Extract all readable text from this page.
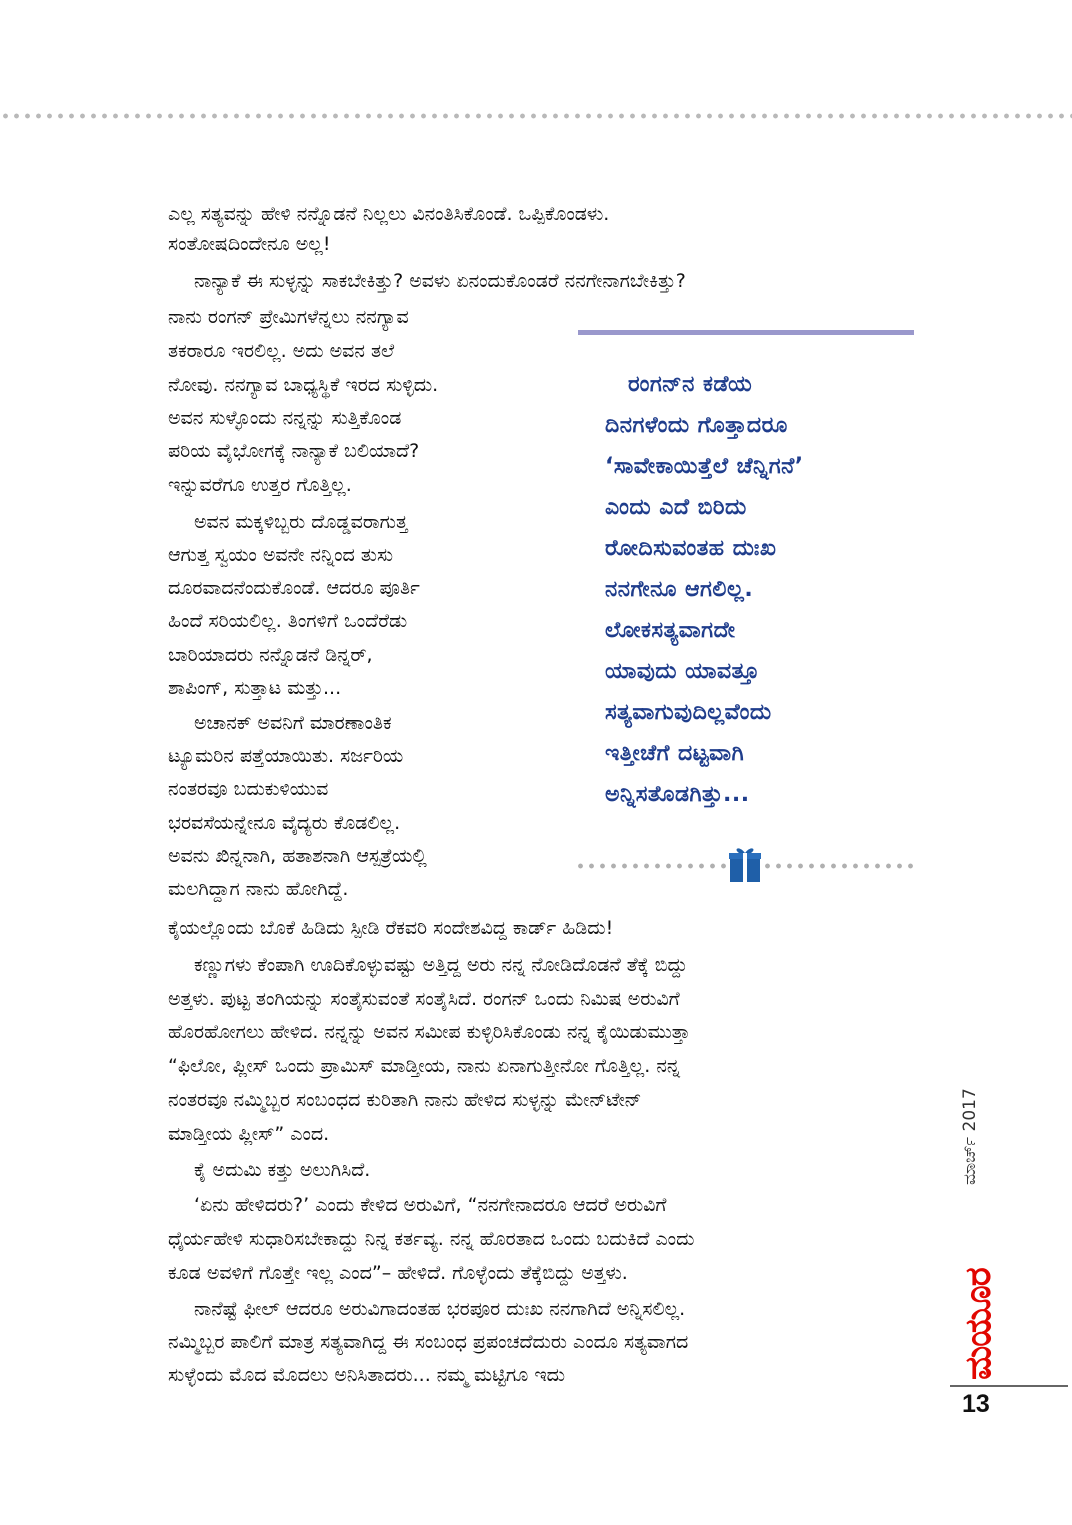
ಎಲ್ಲ ಸತ್ಯವನ್ನು ಹೇಳಿ ನನ್ನೊಡನೆ ನಿಲ್ಲಲು ವಿನಂತಿಸಿಕೊಂಡೆ. ಒಪ್ಪಿಕೊಂಡಳು.
ಸಂತೋಷದಿಂದೇನೂ ಅಲ್ಲ!
ನಾನ್ಯಾಕೆ ಈ ಸುಳ್ಳನ್ನು ಸಾಕಬೇಕಿತ್ತು? ಅವಳು ಏನಂದುಕೊಂಡರೆ ನನಗೇನಾಗಬೇಕಿತ್ತು?
ನಾನು ರಂಗನ್ ಪ್ರೇಮಿಗಳೆನ್ನಲು ನನಗ್ಯಾವ
ತಕರಾರೂ ಇರಲಿಲ್ಲ. ಅದು ಅವನ ತಲೆ
ನೋವು. ನನಗ್ಯಾವ ಬಾಧ್ಯಸ್ಥಿಕೆ ಇರದ ಸುಳ್ಳಿದು.
ಅವನ ಸುಳ್ಳೊಂದು ನನ್ನನ್ನು ಸುತ್ತಿಕೊಂಡ
ಪರಿಯ ವೈಭೋಗಕ್ಕೆ ನಾನ್ಯಾಕೆ ಬಲಿಯಾದೆ?
ಇನ್ನುವರೆಗೂ ಉತ್ತರ ಗೊತ್ತಿಲ್ಲ.
ಅವನ ಮಕ್ಕಳಿಬ್ಬರು ದೊಡ್ಡವರಾಗುತ್ತ
ಆಗುತ್ತ ಸ್ವಯಂ ಅವನೇ ನನ್ನಿಂದ ತುಸು
ದೂರವಾದನೆಂದುಕೊಂಡೆ. ಆದರೂ ಪೂರ್ತಿ
ಹಿಂದೆ ಸರಿಯಲಿಲ್ಲ. ತಿಂಗಳಿಗೆ ಒಂದೆರೆಡು
ಬಾರಿಯಾದರು ನನ್ನೊಡನೆ ಡಿನ್ನರ್,
ಶಾಪಿಂಗ್, ಸುತ್ತಾಟ ಮತ್ತು...
ಅಚಾನಕ್ ಅವನಿಗೆ ಮಾರಣಾಂತಿಕ
ಟ್ಯೂಮರಿನ ಪತ್ತೆಯಾಯಿತು. ಸರ್ಜರಿಯ
ನಂತರವೂ ಬದುಕುಳಿಯುವ
ಭರವಸೆಯನ್ನೇನೂ ವೈದ್ಯರು ಕೊಡಲಿಲ್ಲ.
ಅವನು ಖಿನ್ನನಾಗಿ, ಹತಾಶನಾಗಿ ಆಸ್ಪತ್ರೆಯಲ್ಲಿ
ಮಲಗಿದ್ದಾಗ ನಾನು ಹೋಗಿದ್ದೆ.
ರಂಗನ್‌ನ ಕಡೆಯ
ದಿನಗಳೆಂದು ಗೊತ್ತಾದರೂ
‘ಸಾವೇಕಾಯಿತ್ತೆಲೆ ಚೆನ್ನಿಗನೆ’
ಎಂದು ಎದೆ ಬಿರಿದು
ರೋದಿಸುವಂತಹ ದುಃಖ
ನನಗೇನೂ ಆಗಲಿಲ್ಲ.
ಲೋಕಸತ್ಯವಾಗದೇ
ಯಾವುದು ಯಾವತ್ತೂ
ಸತ್ಯವಾಗುವುದಿಲ್ಲವೆಂದು
ಇತ್ತೀಚೆಗೆ ದಟ್ಟವಾಗಿ
ಅನ್ನಿಸತೊಡಗಿತ್ತು...
ಕೈಯಲ್ಲೊಂದು ಬೊಕೆ ಹಿಡಿದು ಸ್ಪೀಡಿ ರೆಕವರಿ ಸಂದೇಶವಿದ್ದ ಕಾರ್ಡ್ ಹಿಡಿದು!
ಕಣ್ಣುಗಳು ಕೆಂಪಾಗಿ ಊದಿಕೊಳ್ಳುವಷ್ಟು ಅತ್ತಿದ್ದ ಅರು ನನ್ನ ನೋಡಿದೊಡನೆ ತೆಕ್ಕೆ ಬಿದ್ದು
ಅತ್ತಳು. ಪುಟ್ಟ ತಂಗಿಯನ್ನು ಸಂತೈಸುವಂತೆ ಸಂತೈಸಿದೆ. ರಂಗನ್ ಒಂದು ನಿಮಿಷ ಅರುವಿಗೆ
ಹೊರಹೋಗಲು ಹೇಳಿದ. ನನ್ನನ್ನು ಅವನ ಸಮೀಪ ಕುಳ್ಳಿರಿಸಿಕೊಂಡು ನನ್ನ ಕೈಯಿಡುಮುತ್ತಾ
“ಫಿಲೋ, ಪ್ಲೀಸ್ ಒಂದು ಪ್ರಾಮಿಸ್ ಮಾಡ್ತೀಯ, ನಾನು ಏನಾಗುತ್ತೀನೋ ಗೊತ್ತಿಲ್ಲ. ನನ್ನ
ನಂತರವೂ ನಮ್ಮಿಬ್ಬರ ಸಂಬಂಧದ ಕುರಿತಾಗಿ ನಾನು ಹೇಳಿದ ಸುಳ್ಳನ್ನು ಮೇನ್‌ಟೇನ್
ಮಾಡ್ತೀಯ ಪ್ಲೀಸ್” ಎಂದ.
ಕೈ ಅದುಮಿ ಕತ್ತು ಅಲುಗಿಸಿದೆ.
‘ಏನು ಹೇಳಿದರು?’ ಎಂದು ಕೇಳಿದ ಅರುವಿಗೆ, “ನನಗೇನಾದರೂ ಆದರೆ ಅರುವಿಗೆ
ಧೈರ್ಯಹೇಳಿ ಸುಧಾರಿಸಬೇಕಾದ್ದು ನಿನ್ನ ಕರ್ತವ್ಯ. ನನ್ನ ಹೊರತಾದ ಒಂದು ಬದುಕಿದೆ ಎಂದು
ಕೂಡ ಅವಳಿಗೆ ಗೊತ್ತೇ ಇಲ್ಲ ಎಂದ”– ಹೇಳಿದೆ. ಗೊಳ್ಳೆಂದು ತೆಕ್ಕೆಬಿದ್ದು ಅತ್ತಳು.
ನಾನೆಷ್ಟೆ ಫೀಲ್ ಆದರೂ ಅರುವಿಗಾದಂತಹ ಭರಪೂರ ದುಃಖ ನನಗಾಗಿದೆ ಅನ್ನಿಸಲಿಲ್ಲ.
ನಮ್ಮಿಬ್ಬರ ಪಾಲಿಗೆ ಮಾತ್ರ ಸತ್ಯವಾಗಿದ್ದ ಈ ಸಂಬಂಧ ಪ್ರಪಂಚದೆದುರು ಎಂದೂ ಸತ್ಯವಾಗದ
ಸುಳ್ಳೆಂದು ಮೊದ ಮೊದಲು ಅನಿಸಿತಾದರು... ನಮ್ಮ ಮಟ್ಟಿಗೂ ಇದು
ಮಾರ್ಚ್ 2017
ಮಯೂರ
13
